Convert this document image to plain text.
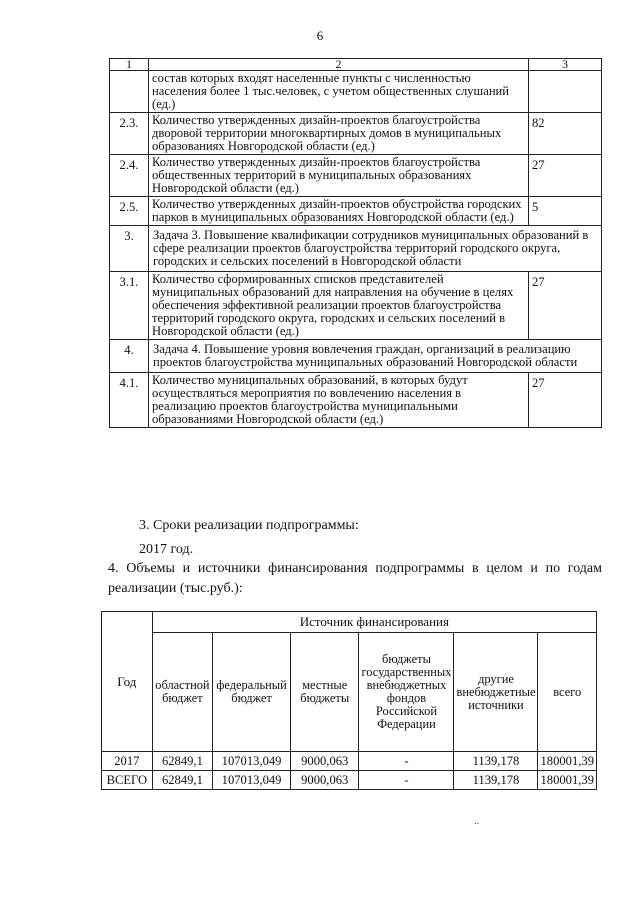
6
1	2	3
	состав которых входят населенные пункты с численностью населения более 1 тыс.человек, с учетом общественных слушаний (ед.)	
2.3.	Количество утвержденных дизайн-проектов благоустройства дворовой территории многоквартирных домов в муниципальных образованиях Новгородской области (ед.)	82
2.4.	Количество утвержденных дизайн-проектов благоустройства общественных территорий в муниципальных образованиях Новгородской области (ед.)	27
2.5.	Количество утвержденных дизайн-проектов обустройства городских парков в муниципальных образованиях Новгородской области (ед.)	5
3.	Задача 3. Повышение квалификации сотрудников муниципальных образований в сфере реализации проектов благоустройства территорий городского округа, городских и сельских поселений в Новгородской области	
3.1.	Количество сформированных списков представителей муниципальных образований для направления на обучение в целях обеспечения эффективной реализации проектов благоустройства территорий городского округа, городских и сельских поселений в Новгородской области (ед.)	27
4.	Задача 4. Повышение уровня вовлечения граждан, организаций в реализацию проектов благоустройства муниципальных образований Новгородской области	
4.1.	Количество муниципальных образований, в которых будут осуществляться мероприятия по вовлечению населения в реализацию проектов благоустройства муниципальными образованиями Новгородской области (ед.)	27
3. Сроки реализации подпрограммы:
2017 год.
4. Объемы и источники финансирования подпрограммы в целом и по годам реализации (тыс.руб.):
Год	Источник финансирования					
	областной бюджет	федеральный бюджет	местные бюджеты	бюджеты государственных внебюджетных фондов Российской Федерации	другие внебюджетные источники	всего
2017	62849,1	107013,049	9000,063	-	1139,178	180001,39
ВСЕГО	62849,1	107013,049	9000,063	-	1139,178	180001,39
..
